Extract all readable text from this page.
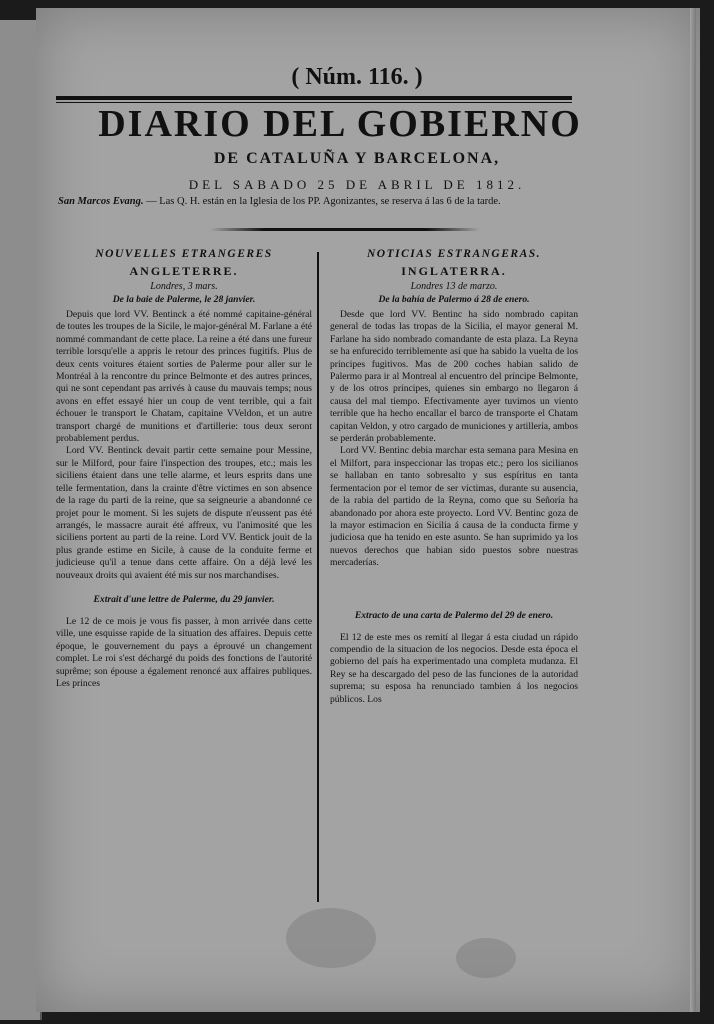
( Núm. 116. )
DIARIO DEL GOBIERNO
DE CATALUÑA Y BARCELONA,
DEL SABADO 25 DE ABRIL DE 1812.
San Marcos Evang. — Las Q. H. están en la Iglesia de los PP. Agonizantes, se reserva á las 6 de la tarde.

NOUVELLES ETRANGERES

ANGLETERRE.

Londres, 3 mars.

De la baie de Palerme, le 28 janvier.

Depuis que lord VV. Bentinck a été nommé capitaine-général de toutes les troupes de la Sicile, le major-général M. Farlane a été nommé commandant de cette place. La reine a été dans une fureur terrible lorsqu'elle a appris le retour des princes fugitifs. Plus de deux cents voitures étaient sorties de Palerme pour aller sur le Montréal à la rencontre du prince Belmonte et des autres princes, qui ne sont cependant pas arrivés à cause du mauvais temps; nous avons en effet essayé hier un coup de vent terrible, qui a fait échouer le transport le Chatam, capitaine VVeldon, et un autre transport chargé de munitions et d'artillerie: tous deux seront probablement perdus.

Lord VV. Bentinck devait partir cette semaine pour Messine, sur le Milford, pour faire l'inspection des troupes, etc.; mais les siciliens étaient dans une telle alarme, et leurs esprits dans une telle fermentation, dans la crainte d'être victimes en son absence de la rage du parti de la reine, que sa seigneurie a abandonné ce projet pour le moment. Si les sujets de dispute n'eussent pas été arrangés, le massacre aurait été affreux, vu l'animosité que les siciliens portent au parti de la reine. Lord VV. Bentick jouit de la plus grande estime en Sicile, à cause de la conduite ferme et judicieuse qu'il a tenue dans cette affaire. On a déjà levé les nouveaux droits qui avaient été mis sur nos marchandises.

Extrait d'une lettre de Palerme, du 29 janvier.

Le 12 de ce mois je vous fis passer, à mon arrivée dans cette ville, une esquisse rapide de la situation des affaires. Depuis cette époque, le gouvernement du pays a éprouvé un changement complet. Le roi s'est déchargé du poids des fonctions de l'autorité suprême; son épouse a également renoncé aux affaires publiques. Les princes

NOTICIAS ESTRANGERAS.

INGLATERRA.

Londres 13 de marzo.

De la bahía de Palermo á 28 de enero.

Desde que lord VV. Bentinc ha sido nombrado capitan general de todas las tropas de la Sicilia, el mayor general M. Farlane ha sido nombrado comandante de esta plaza. La Reyna se ha enfurecido terriblemente así que ha sabido la vuelta de los príncipes fugitivos. Mas de 200 coches habian salido de Palermo para ir al Montreal al encuentro del príncipe Belmonte, y de los otros príncipes, quienes sin embargo no llegaron á causa del mal tiempo. Efectivamente ayer tuvimos un viento terrible que ha hecho encallar el barco de transporte el Chatam capitan Veldon, y otro cargado de municiones y artillería, ambos se perderán probablemente.

Lord VV. Bentinc debia marchar esta semana para Mesina en el Milfort, para inspeccionar las tropas etc.; pero los sicilianos se hallaban en tanto sobresalto y sus espíritus en tanta fermentacion por el temor de ser víctimas, durante su ausencia, de la rabia del partido de la Reyna, como que su Señoría ha abandonado por ahora este proyecto. Lord VV. Bentinc goza de la mayor estimacion en Sicilia á causa de la conducta firme y judiciosa que ha tenido en este asunto. Se han suprimido ya los nuevos derechos que habian sido puestos sobre nuestras mercaderías.

Extracto de una carta de Palermo del 29 de enero.

El 12 de este mes os remití al llegar á esta ciudad un rápido compendio de la situacion de los negocios. Desde esta época el gobierno del país ha experimentado una completa mudanza. El Rey se ha descargado del peso de las funciones de la autoridad suprema; su esposa ha renunciado tambien á los negocios públicos. Los
